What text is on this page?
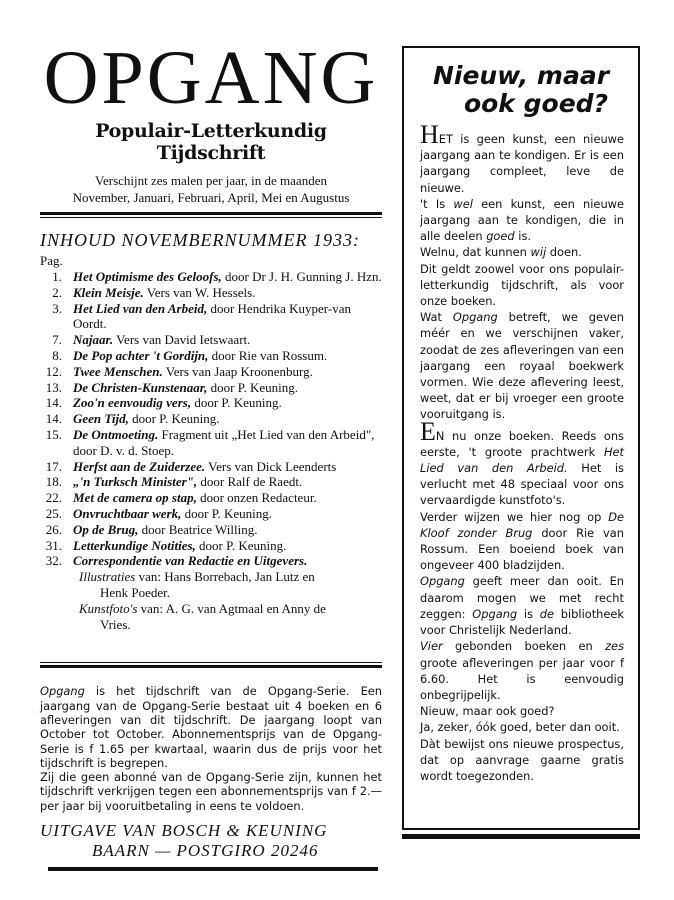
OPGANG
Populair-Letterkundig Tijdschrift
Verschijnt zes malen per jaar, in de maanden
November, Januari, Februari, April, Mei en Augustus
INHOUD NOVEMBERNUMMER 1933:
Pag.
1. Het Optimisme des Geloofs, door Dr J. H. Gunning J. Hzn.
2. Klein Meisje. Vers van W. Hessels.
3. Het Lied van den Arbeid, door Hendrika Kuyper-van Oordt.
7. Najaar. Vers van David Ietswaart.
8. De Pop achter 't Gordijn, door Rie van Rossum.
12. Twee Menschen. Vers van Jaap Kroonenburg.
13. De Christen-Kunstenaar, door P. Keuning.
14. Zoo'n eenvoudig vers, door P. Keuning.
14. Geen Tijd, door P. Keuning.
15. De Ontmoeting. Fragment uit „Het Lied van den Arbeid", door D. v. d. Stoep.
17. Herfst aan de Zuiderzee. Vers van Dick Leenderts
18. „'n Turksch Minister", door Ralf de Raedt.
22. Met de camera op stap, door onzen Redacteur.
25. Onvruchtbaar werk, door P. Keuning.
26. Op de Brug, door Beatrice Willing.
31. Letterkundige Notities, door P. Keuning.
32. Correspondentie van Redactie en Uitgevers.
Illustraties van: Hans Borrebach, Jan Lutz en
Henk Poeder.
Kunstfoto's van: A. G. van Agtmaal en Anny de
Vries.

Opgang is het tijdschrift van de Opgang-Serie. Een jaargang van de Opgang-Serie bestaat uit 4 boeken en 6 afleveringen van dit tijdschrift. De jaargang loopt van October tot October. Abonnementsprijs van de Opgang-Serie is f 1.65 per kwartaal, waarin dus de prijs voor het tijdschrift is begrepen.

Zij die geen abonné van de Opgang-Serie zijn, kunnen het tijdschrift verkrijgen tegen een abonnementsprijs van f 2.— per jaar bij vooruitbetaling in eens te voldoen.

UITGAVE VAN BOSCH & KEUNING
BAARN — POSTGIRO 20246
Nieuw, maar
ook goed?

HET is geen kunst, een nieuwe jaargang aan te kondigen. Er is een jaargang compleet, leve de nieuwe.

't Is wel een kunst, een nieuwe jaargang aan te kondigen, die in alle deelen goed is.

Welnu, dat kunnen wij doen.

Dit geldt zoowel voor ons populair-letterkundig tijdschrift, als voor onze boeken.

Wat Opgang betreft, we geven méér en we verschijnen vaker, zoodat de zes afleveringen van een jaargang een royaal boekwerk vormen. Wie deze aflevering leest, weet, dat er bij vroeger een groote vooruitgang is.

EN nu onze boeken. Reeds ons eerste, 't groote prachtwerk Het Lied van den Arbeid. Het is verlucht met 48 speciaal voor ons vervaardigde kunstfoto's.

Verder wijzen we hier nog op De Kloof zonder Brug door Rie van Rossum. Een boeiend boek van ongeveer 400 bladzijden.

Opgang geeft meer dan ooit. En daarom mogen we met recht zeggen: Opgang is de bibliotheek voor Christelijk Nederland.

Vier gebonden boeken en zes groote afleveringen per jaar voor f 6.60. Het is eenvoudig onbegrijpelijk.

Nieuw, maar ook goed?

Ja, zeker, óók goed, beter dan ooit.

Dàt bewijst ons nieuwe prospectus, dat op aanvrage gaarne gratis wordt toegezonden.
